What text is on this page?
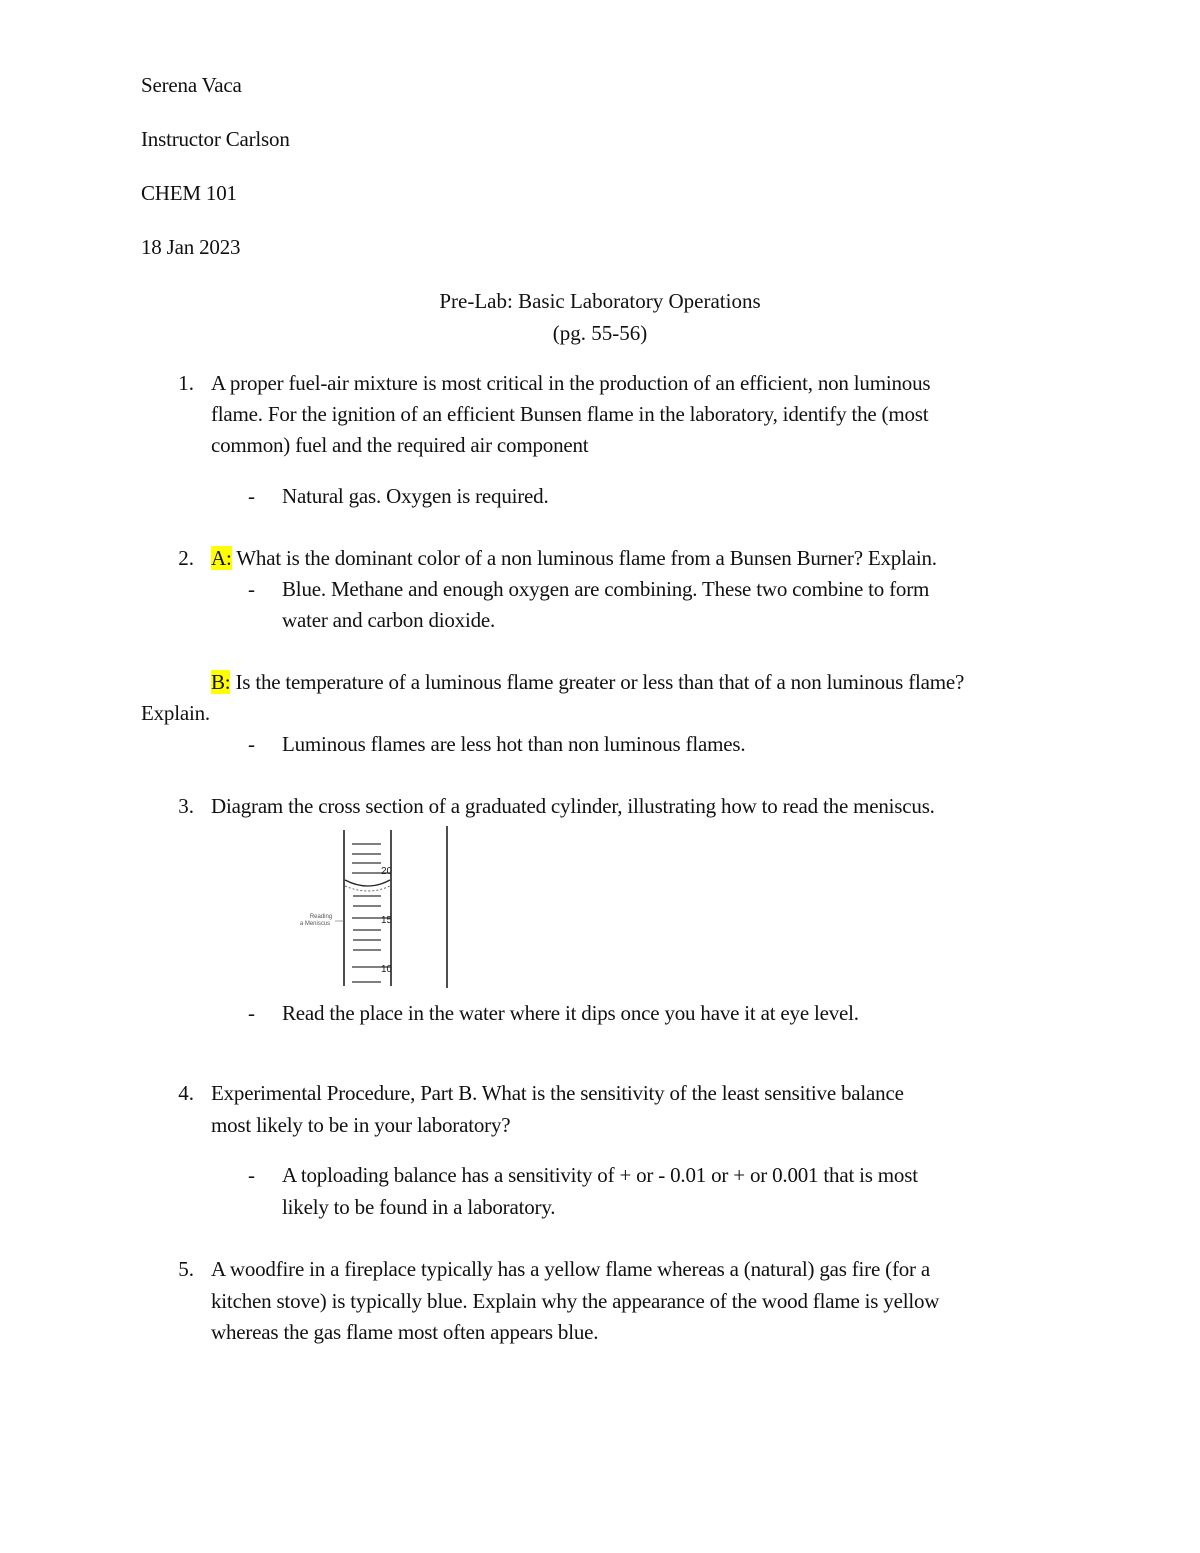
Serena Vaca
Instructor Carlson
CHEM 101
18 Jan 2023
Pre-Lab: Basic Laboratory Operations
(pg. 55-56)
1. A proper fuel-air mixture is most critical in the production of an efficient, non luminous
flame. For the ignition of an efficient Bunsen flame in the laboratory, identify the (most
common) fuel and the required air component
- Natural gas. Oxygen is required.
2. A: What is the dominant color of a non luminous flame from a Bunsen Burner? Explain.
- Blue. Methane and enough oxygen are combining. These two combine to form
water and carbon dioxide.
B: Is the temperature of a luminous flame greater or less than that of a non luminous flame?
Explain.
- Luminous flames are less hot than non luminous flames.
3. Diagram the cross section of a graduated cylinder, illustrating how to read the meniscus.
20
15
10
Reading
a Meniscus
- Read the place in the water where it dips once you have it at eye level.
4. Experimental Procedure, Part B. What is the sensitivity of the least sensitive balance
most likely to be in your laboratory?
- A toploading balance has a sensitivity of + or - 0.01 or + or 0.001 that is most
likely to be found in a laboratory.
5. A woodfire in a fireplace typically has a yellow flame whereas a (natural) gas fire (for a
kitchen stove) is typically blue. Explain why the appearance of the wood flame is yellow
whereas the gas flame most often appears blue.
